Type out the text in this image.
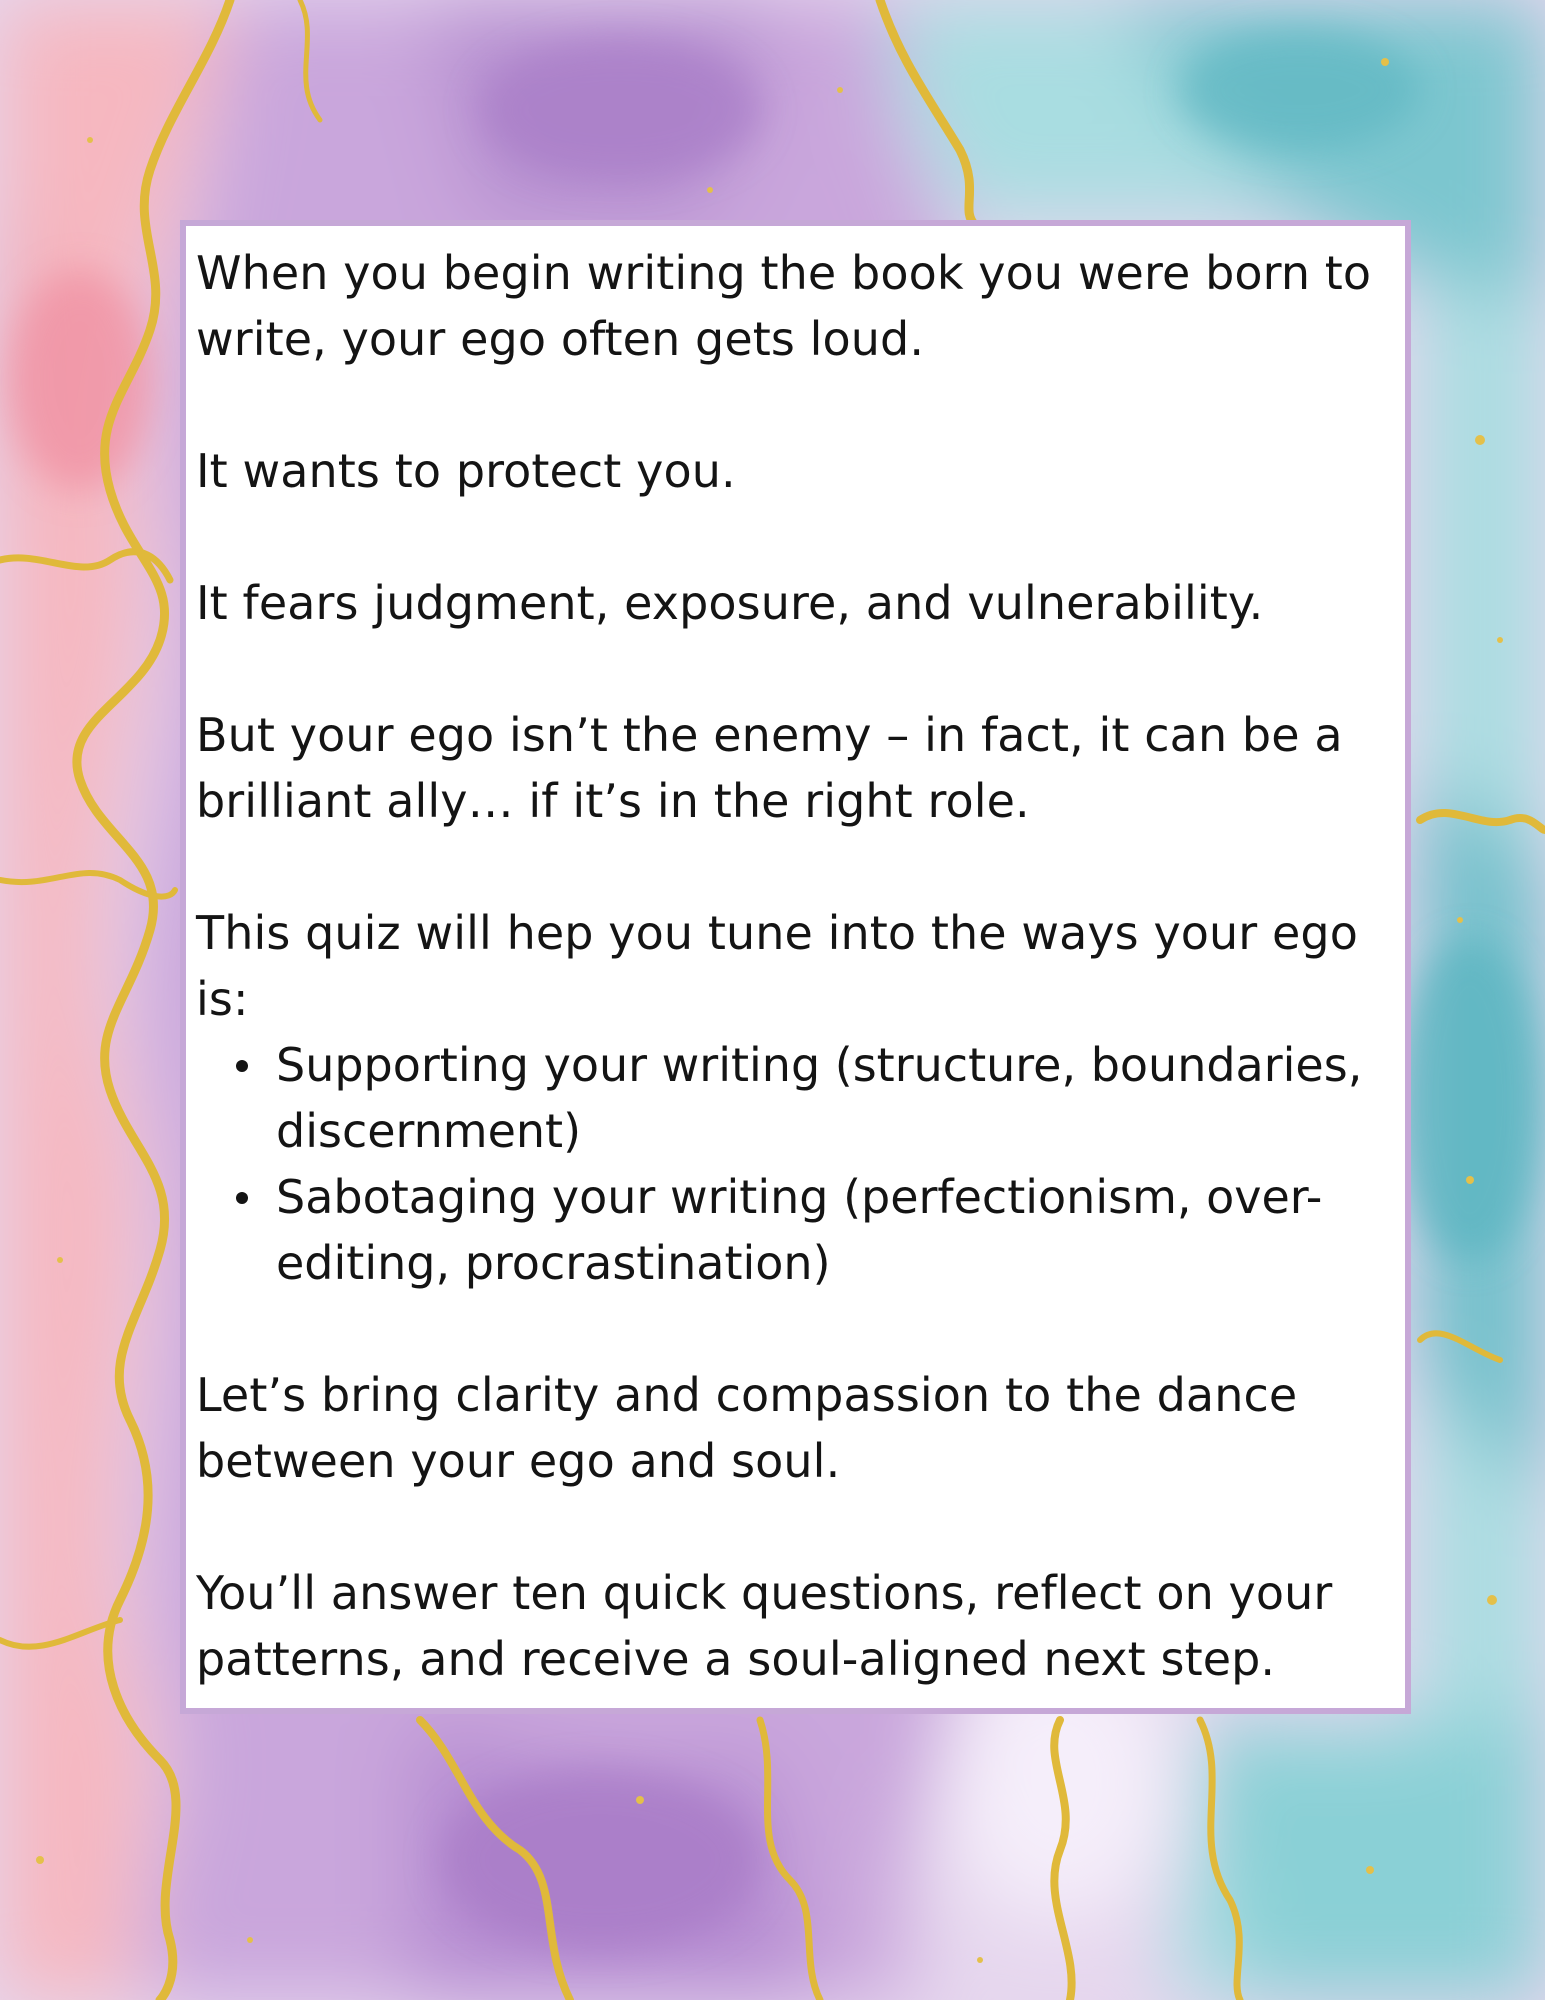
When you begin writing the book you were born to write, your ego often gets loud.

It wants to protect you.

It fears judgment, exposure, and vulnerability.

But your ego isn’t the enemy – in fact, it can be a brilliant ally… if it’s in the right role.

This quiz will hep you tune into the ways your ego is:

Supporting your writing (structure, boundaries, discernment)
Sabotaging your writing (perfectionism, over-editing, procrastination)

Let’s bring clarity and compassion to the dance between your ego and soul.

You’ll answer ten quick questions, reflect on your patterns, and receive a soul-aligned next step.
